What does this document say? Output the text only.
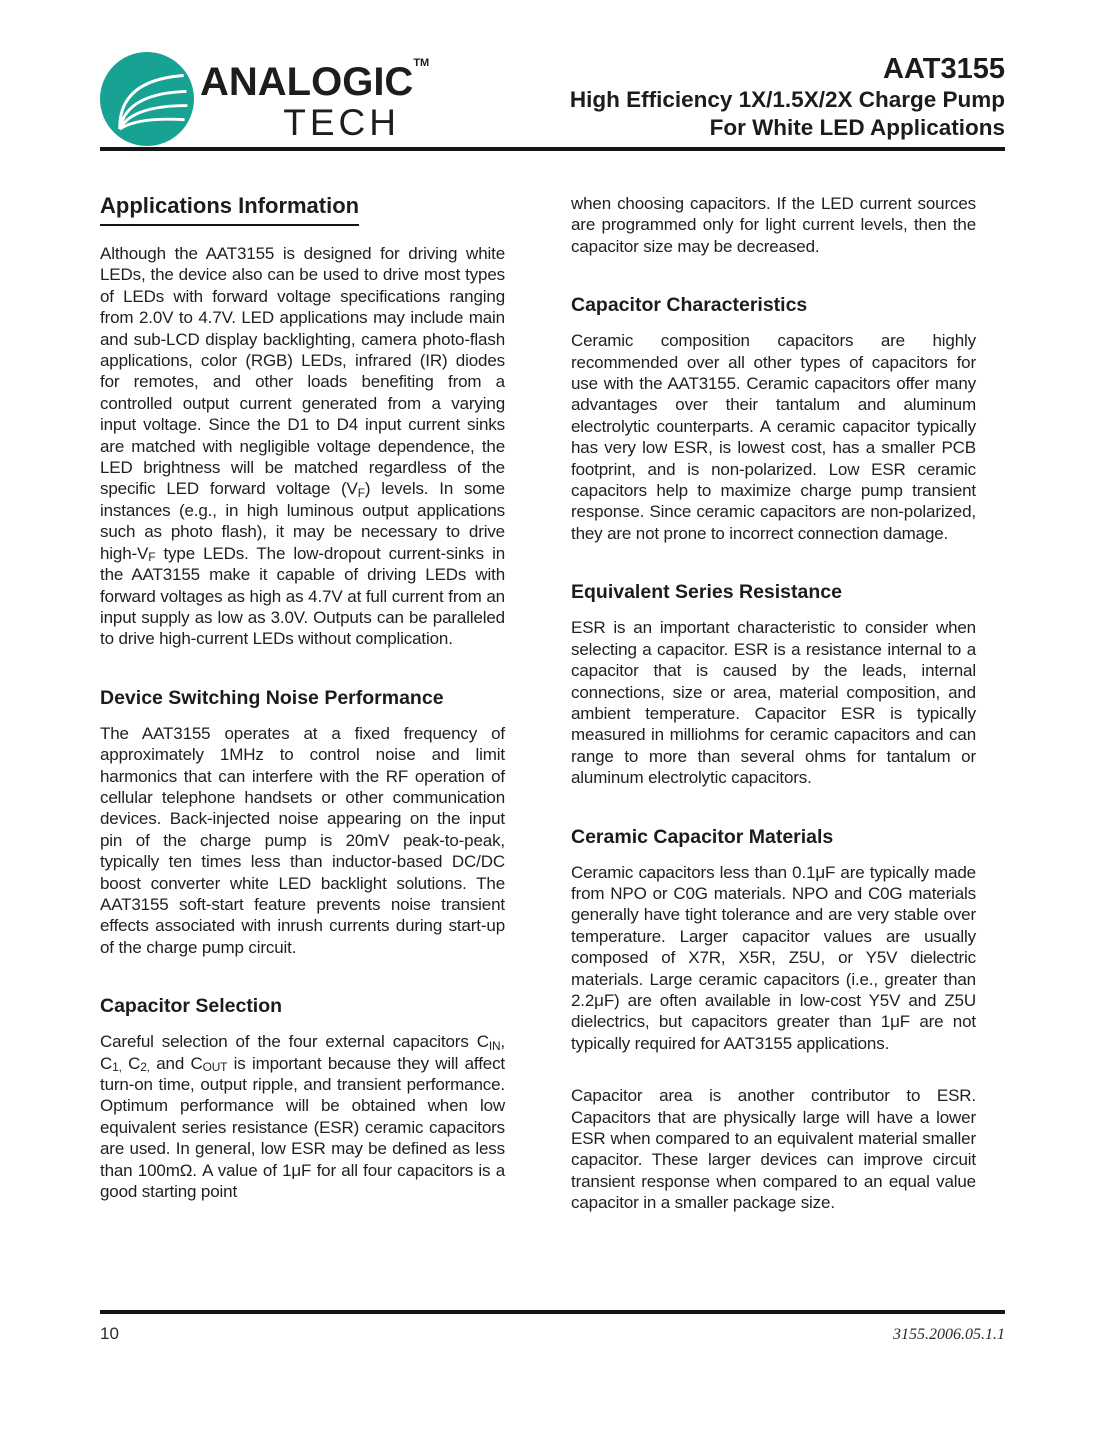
ANALOGIC™
TECH
AAT3155
High Efficiency 1X/1.5X/2X Charge Pump
For White LED Applications
Applications Information

Although the AAT3155 is designed for driving white LEDs, the device also can be used to drive most types of LEDs with forward voltage specifications ranging from 2.0V to 4.7V. LED applications may include main and sub-LCD display backlighting, camera photo-flash applications, color (RGB) LEDs, infrared (IR) diodes for remotes, and other loads benefiting from a controlled output current generated from a varying input voltage. Since the D1 to D4 input current sinks are matched with negligible voltage dependence, the LED brightness will be matched regardless of the specific LED forward voltage $(V_F)$ levels. In some instances (e.g., in high luminous output applications such as photo flash), it may be necessary to drive high-$V_F$ type LEDs. The low-dropout current-sinks in the AAT3155 make it capable of driving LEDs with forward voltages as high as 4.7V at full current from an input supply as low as 3.0V. Outputs can be paralleled to drive high-current LEDs without complication.

Device Switching Noise Performance

The AAT3155 operates at a fixed frequency of approximately 1MHz to control noise and limit harmonics that can interfere with the RF operation of cellular telephone handsets or other communication devices. Back-injected noise appearing on the input pin of the charge pump is 20mV peak-to-peak, typically ten times less than inductor-based DC/DC boost converter white LED backlight solutions. The AAT3155 soft-start feature prevents noise transient effects associated with inrush currents during start-up of the charge pump circuit.

Capacitor Selection

Careful selection of the four external capacitors $C_{IN}$, $C_{1,}$ $C_{2,}$ and $C_{OUT}$ is important because they will affect turn-on time, output ripple, and transient performance. Optimum performance will be obtained when low equivalent series resistance (ESR) ceramic capacitors are used. In general, low ESR may be defined as less than 100mΩ. A value of 1μF for all four capacitors is a good starting point

when choosing capacitors. If the LED current sources are programmed only for light current levels, then the capacitor size may be decreased.

Capacitor Characteristics

Ceramic composition capacitors are highly recommended over all other types of capacitors for use with the AAT3155. Ceramic capacitors offer many advantages over their tantalum and aluminum electrolytic counterparts. A ceramic capacitor typically has very low ESR, is lowest cost, has a smaller PCB footprint, and is non-polarized. Low ESR ceramic capacitors help to maximize charge pump transient response. Since ceramic capacitors are non-polarized, they are not prone to incorrect connection damage.

Equivalent Series Resistance

ESR is an important characteristic to consider when selecting a capacitor. ESR is a resistance internal to a capacitor that is caused by the leads, internal connections, size or area, material composition, and ambient temperature. Capacitor ESR is typically measured in milliohms for ceramic capacitors and can range to more than several ohms for tantalum or aluminum electrolytic capacitors.

Ceramic Capacitor Materials

Ceramic capacitors less than 0.1μF are typically made from NPO or C0G materials. NPO and C0G materials generally have tight tolerance and are very stable over temperature. Larger capacitor values are usually composed of X7R, X5R, Z5U, or Y5V dielectric materials. Large ceramic capacitors (i.e., greater than 2.2μF) are often available in low-cost Y5V and Z5U dielectrics, but capacitors greater than 1μF are not typically required for AAT3155 applications.

Capacitor area is another contributor to ESR. Capacitors that are physically large will have a lower ESR when compared to an equivalent material smaller capacitor. These larger devices can improve circuit transient response when compared to an equal value capacitor in a smaller package size.

10	3155.2006.05.1.1
